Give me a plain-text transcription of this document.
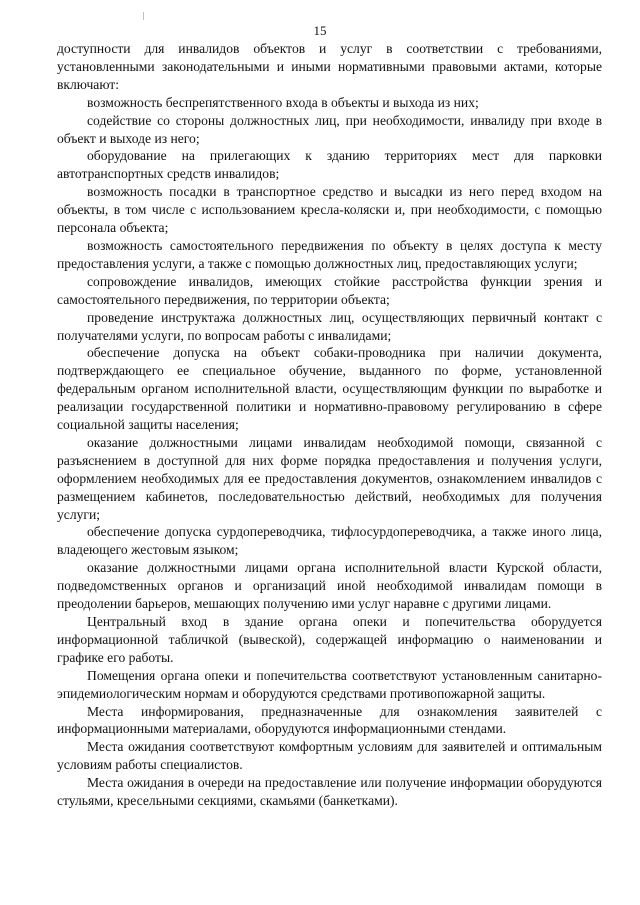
15

доступности для инвалидов объектов и услуг в соответствии с требованиями, установленными законодательными и иными нормативными правовыми актами, которые включают:

возможность беспрепятственного входа в объекты и выхода из них;

содействие со стороны должностных лиц, при необходимости, инвалиду при входе в объект и выходе из него;

оборудование на прилегающих к зданию территориях мест для парковки автотранспортных средств инвалидов;

возможность посадки в транспортное средство и высадки из него перед входом на объекты, в том числе с использованием кресла-коляски и, при необходимости, с помощью персонала объекта;

возможность самостоятельного передвижения по объекту в целях доступа к месту предоставления услуги, а также с помощью должностных лиц, предоставляющих услуги;

сопровождение инвалидов, имеющих стойкие расстройства функции зрения и самостоятельного передвижения, по территории объекта;

проведение инструктажа должностных лиц, осуществляющих первичный контакт с получателями услуги, по вопросам работы с инвалидами;

обеспечение допуска на объект собаки-проводника при наличии документа, подтверждающего ее специальное обучение, выданного по форме, установленной федеральным органом исполнительной власти, осуществляющим функции по выработке и реализации государственной политики и нормативно-правовому регулированию в сфере социальной защиты населения;

оказание должностными лицами инвалидам необходимой помощи, связанной с разъяснением в доступной для них форме порядка предоставления и получения услуги, оформлением необходимых для ее предоставления документов, ознакомлением инвалидов с размещением кабинетов, последовательностью действий, необходимых для получения услуги;

обеспечение допуска сурдопереводчика, тифлосурдопереводчика, а также иного лица, владеющего жестовым языком;

оказание должностными лицами органа исполнительной власти Курской области, подведомственных органов и организаций иной необходимой инвалидам помощи в преодолении барьеров, мешающих получению ими услуг наравне с другими лицами.

Центральный вход в здание органа опеки и попечительства оборудуется информационной табличкой (вывеской), содержащей информацию о наименовании и графике его работы.

Помещения органа опеки и попечительства соответствуют установленным санитарно-эпидемиологическим нормам и оборудуются средствами противопожарной защиты.

Места информирования, предназначенные для ознакомления заявителей с информационными материалами, оборудуются информационными стендами.

Места ожидания соответствуют комфортным условиям для заявителей и оптимальным условиям работы специалистов.

Места ожидания в очереди на предоставление или получение информации оборудуются стульями, кресельными секциями, скамьями (банкетками).
